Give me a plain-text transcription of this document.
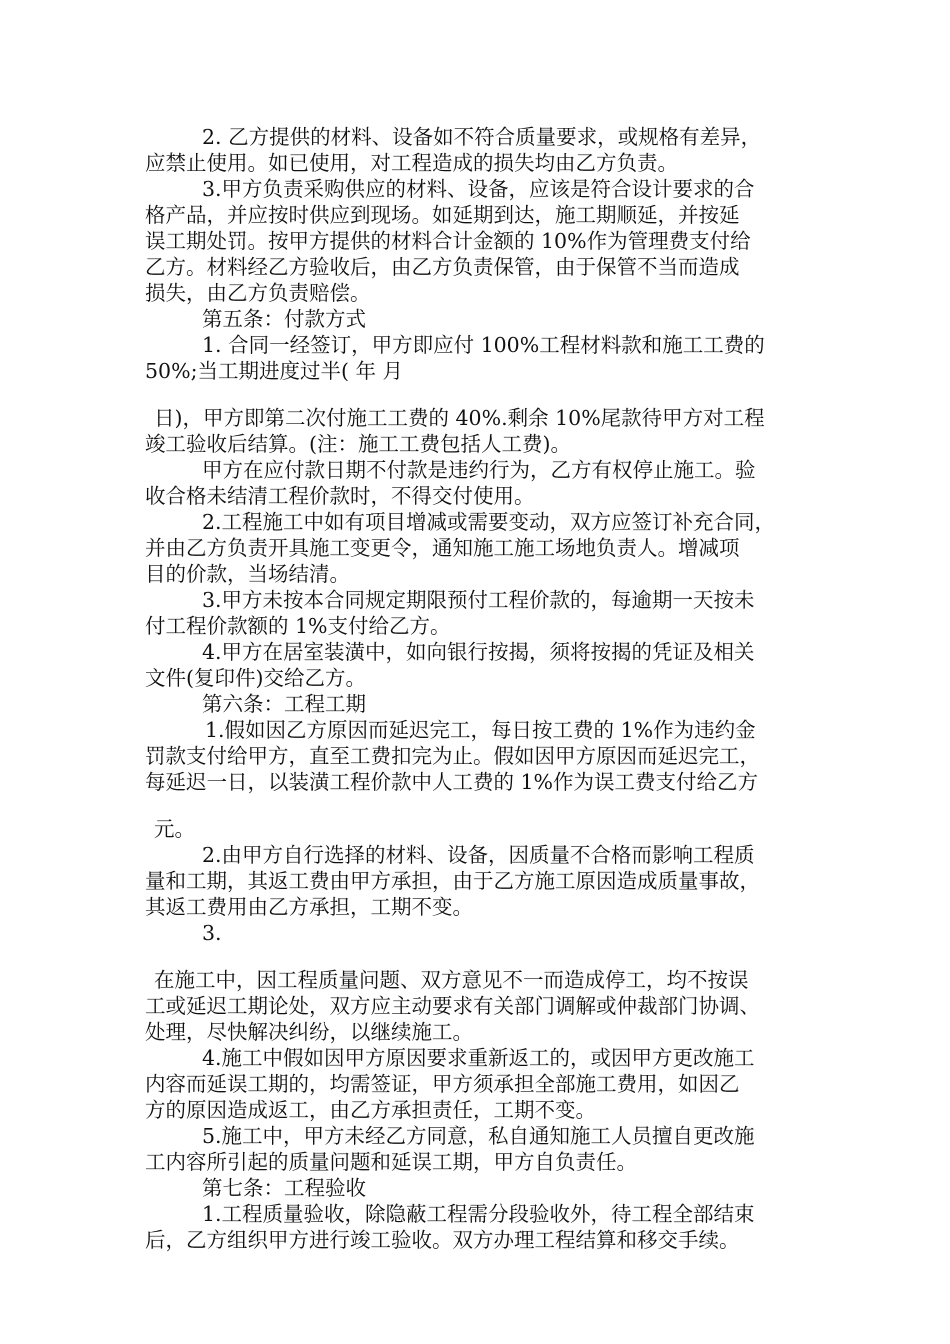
2. 乙方提供的材料、设备如不符合质量要求，或规格有差异，
应禁止使用。如已使用，对工程造成的损失均由乙方负责。
3.甲方负责采购供应的材料、设备，应该是符合设计要求的合
格产品，并应按时供应到现场。如延期到达，施工期顺延，并按延
误工期处罚。按甲方提供的材料合计金额的 10%作为管理费支付给
乙方。材料经乙方验收后，由乙方负责保管，由于保管不当而造成
损失，由乙方负责赔偿。
第五条：付款方式
1. 合同一经签订，甲方即应付 100%工程材料款和施工工费的
50%;当工期进度过半( 年 月
日)，甲方即第二次付施工工费的 40%.剩余 10%尾款待甲方对工程
竣工验收后结算。(注：施工工费包括人工费)。
甲方在应付款日期不付款是违约行为，乙方有权停止施工。验
收合格未结清工程价款时，不得交付使用。
2.工程施工中如有项目增减或需要变动，双方应签订补充合同，
并由乙方负责开具施工变更令，通知施工施工场地负责人。增减项
目的价款，当场结清。
3.甲方未按本合同规定期限预付工程价款的，每逾期一天按未
付工程价款额的 1%支付给乙方。
4.甲方在居室装潢中，如向银行按揭，须将按揭的凭证及相关
文件(复印件)交给乙方。
第六条：工程工期
1.假如因乙方原因而延迟完工，每日按工费的 1%作为违约金
罚款支付给甲方，直至工费扣完为止。假如因甲方原因而延迟完工，
每延迟一日，以装潢工程价款中人工费的 1%作为误工费支付给乙方
元。
2.由甲方自行选择的材料、设备，因质量不合格而影响工程质
量和工期，其返工费由甲方承担，由于乙方施工原因造成质量事故，
其返工费用由乙方承担，工期不变。
3.
在施工中，因工程质量问题、双方意见不一而造成停工，均不按误
工或延迟工期论处，双方应主动要求有关部门调解或仲裁部门协调、
处理，尽快解决纠纷，以继续施工。
4.施工中假如因甲方原因要求重新返工的，或因甲方更改施工
内容而延误工期的，均需签证，甲方须承担全部施工费用，如因乙
方的原因造成返工，由乙方承担责任，工期不变。
5.施工中，甲方未经乙方同意，私自通知施工人员擅自更改施
工内容所引起的质量问题和延误工期，甲方自负责任。
第七条：工程验收
1.工程质量验收，除隐蔽工程需分段验收外，待工程全部结束
后，乙方组织甲方进行竣工验收。双方办理工程结算和移交手续。
